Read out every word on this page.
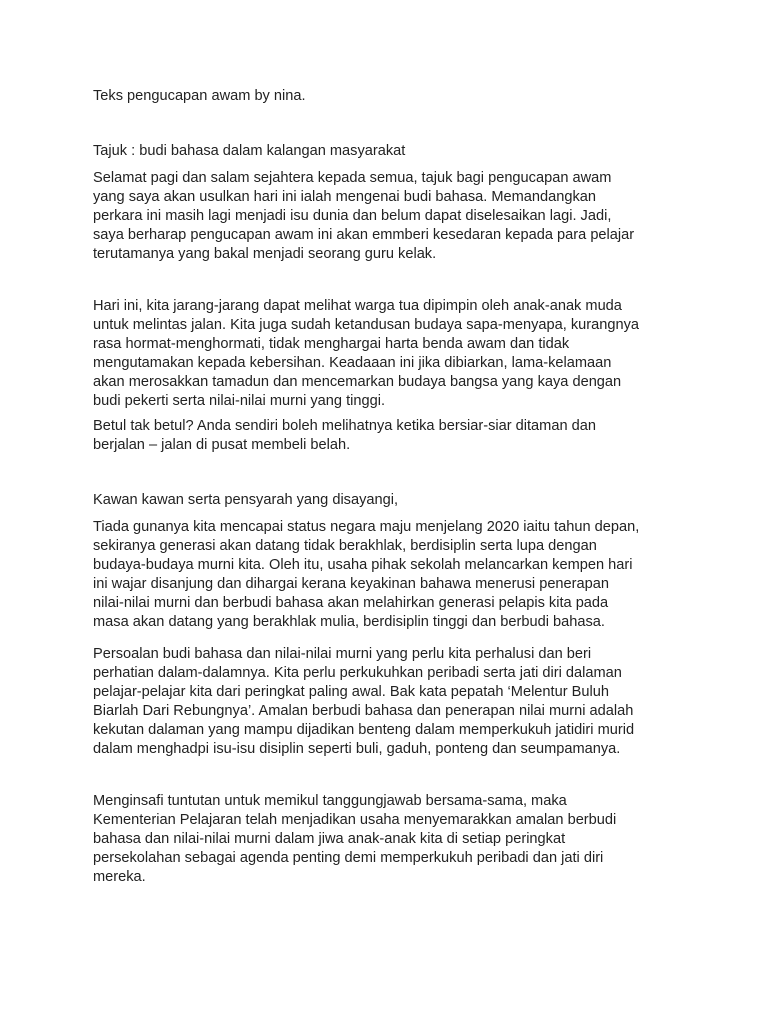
Teks pengucapan awam by nina.

Tajuk : budi bahasa dalam kalangan masyarakat

Selamat pagi dan salam sejahtera kepada semua, tajuk bagi pengucapan awam
yang saya akan usulkan hari ini ialah mengenai budi bahasa. Memandangkan
perkara ini masih lagi menjadi isu dunia dan belum dapat diselesaikan lagi. Jadi,
saya berharap pengucapan awam ini akan emmberi kesedaran kepada para pelajar
terutamanya yang bakal menjadi seorang guru kelak.

Hari ini, kita jarang-jarang dapat melihat warga tua dipimpin oleh anak-anak muda
untuk melintas jalan. Kita juga sudah ketandusan budaya sapa-menyapa, kurangnya
rasa hormat-menghormati, tidak menghargai harta benda awam dan tidak
mengutamakan kepada kebersihan. Keadaaan ini jika dibiarkan, lama-kelamaan
akan merosakkan tamadun dan mencemarkan budaya bangsa yang kaya dengan
budi pekerti serta nilai-nilai murni yang tinggi.

Betul tak betul? Anda sendiri boleh melihatnya ketika bersiar-siar ditaman dan
berjalan – jalan di pusat membeli belah.

Kawan kawan serta pensyarah yang disayangi,

Tiada gunanya kita mencapai status negara maju menjelang 2020 iaitu tahun depan,
sekiranya generasi akan datang tidak berakhlak, berdisiplin serta lupa dengan
budaya-budaya murni kita. Oleh itu, usaha pihak sekolah melancarkan kempen hari
ini wajar disanjung dan dihargai kerana keyakinan bahawa menerusi penerapan
nilai-nilai murni dan berbudi bahasa akan melahirkan generasi pelapis kita pada
masa akan datang yang berakhlak mulia, berdisiplin tinggi dan berbudi bahasa.

Persoalan budi bahasa dan nilai-nilai murni yang perlu kita perhalusi dan beri
perhatian dalam-dalamnya. Kita perlu perkukuhkan peribadi serta jati diri dalaman
pelajar-pelajar kita dari peringkat paling awal. Bak kata pepatah ‘Melentur Buluh
Biarlah Dari Rebungnya’. Amalan berbudi bahasa dan penerapan nilai murni adalah
kekutan dalaman yang mampu dijadikan benteng dalam memperkukuh jatidiri murid
dalam menghadpi isu-isu disiplin seperti buli, gaduh, ponteng dan seumpamanya.

Menginsafi tuntutan untuk memikul tanggungjawab bersama-sama, maka
Kementerian Pelajaran telah menjadikan usaha menyemarakkan amalan berbudi
bahasa dan nilai-nilai murni dalam jiwa anak-anak kita di setiap peringkat
persekolahan sebagai agenda penting demi memperkukuh peribadi dan jati diri
mereka.
